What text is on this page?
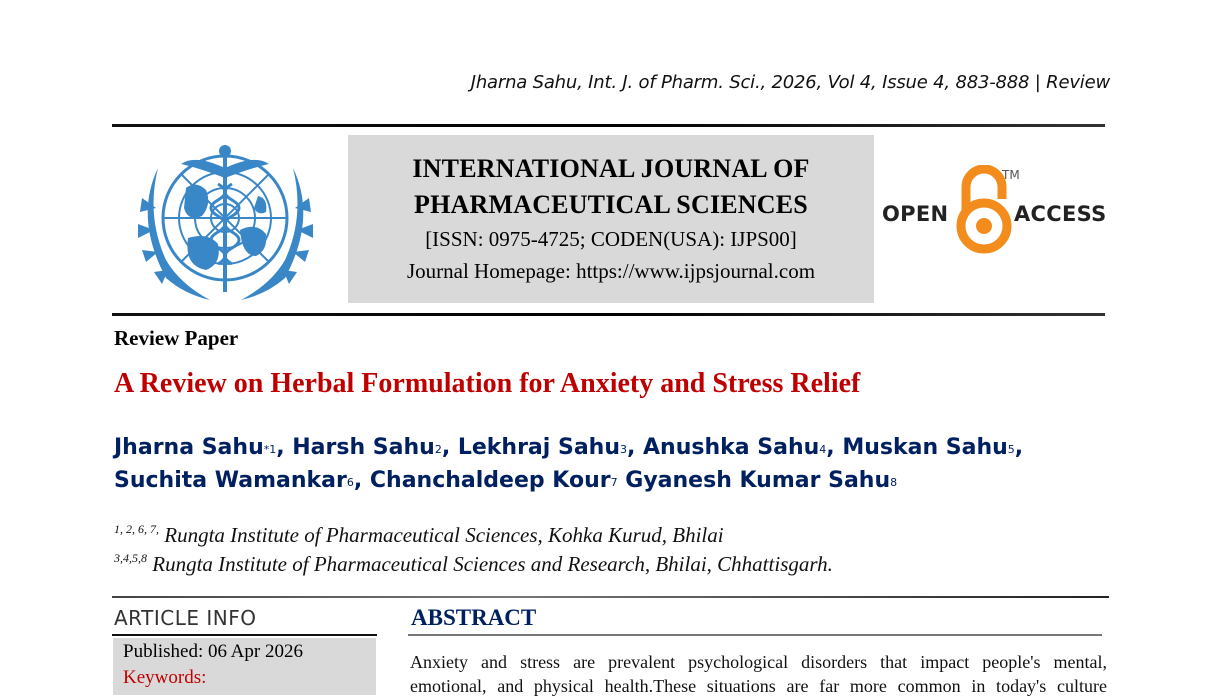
Jharna Sahu, Int. J. of Pharm. Sci., 2026, Vol 4, Issue 4, 883-888 | Review
INTERNATIONAL JOURNAL OF
PHARMACEUTICAL SCIENCES
[ISSN: 0975-4725; CODEN(USA): IJPS00]
Journal Homepage: https://www.ijpsjournal.com
OPEN
TM
ACCESS
Review Paper
A Review on Herbal Formulation for Anxiety and Stress Relief
Jharna Sahu$^{*1}$, Harsh Sahu$^2$, Lekhraj Sahu$^3$, Anushka Sahu$^4$, Muskan Sahu$^5$, Suchita Wamankar$^6$, Chanchaldeep Kour$^7$ Gyanesh Kumar Sahu$^8$
$^{1, 2, 6, 7,}$ Rungta Institute of Pharmaceutical Sciences, Kohka Kurud, Bhilai
$^{3,4,5,8}$ Rungta Institute of Pharmaceutical Sciences and Research, Bhilai, Chhattisgarh.
ARTICLE INFO
Published: 06 Apr 2026
Keywords:
ABSTRACT
Anxiety and stress are prevalent psychological disorders that impact people's mental,
emotional, and physical health.These situations are far more common in today's culture
